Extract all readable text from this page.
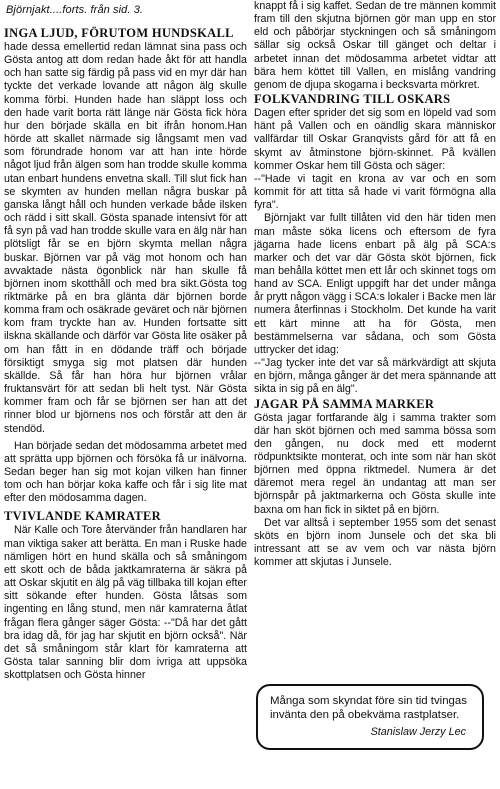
Björnjakt....forts. från sid. 3.
INGA LJUD, FÖRUTOM HUNDSKALL

hade dessa emellertid redan lämnat sina pass och Gösta antog att dom redan hade åkt för att handla och han satte sig färdig på pass vid en myr där han tyckte det verkade lovande att någon älg skulle komma förbi. Hunden hade han släppt loss och den hade varit borta rätt länge när Gösta fick höra hur den började skälla en bit ifrån honom.Han hörde att skallet närmade sig långsamt men vad som förundrade honom var att han inte hörde något ljud från älgen som han trodde skulle komma utan enbart hundens envetna skall. Till slut fick han se skymten av hunden mellan några buskar på ganska långt håll och hunden verkade både ilsken och rädd i sitt skall. Gösta spanade intensivt för att få syn på vad han trodde skulle vara en älg när han plötsligt får se en björn skymta mellan några buskar. Björnen var på väg mot honom och han avvaktade nästa ögonblick när han skulle få björnen inom skotthåll och med bra sikt.Gösta tog riktmärke på en bra glänta där björnen borde komma fram och osäkrade geväret och när björnen kom fram tryckte han av. Hunden fortsatte sitt ilskna skällande och därför var Gösta lite osäker på om han fått in en dödande träff och började försiktigt smyga sig mot platsen där hunden skällde. Så får han höra hur björnen vrålar fruktansvärt för att sedan bli helt tyst. När Gösta kommer fram och får se björnen ser han att det rinner blod ur björnens nos och förstår att den är stendöd.

Han började sedan det mödosamma arbetet med att sprätta upp björnen och försöka få ur inälvorna. Sedan beger han sig mot kojan vilken han finner tom och han börjar koka kaffe och får i sig lite mat efter den mödosamma dagen.

TVIVLANDE KAMRATER

När Kalle och Tore återvänder från handlaren har man viktiga saker att berätta. En man i Ruske hade nämligen hört en hund skälla och så småningom ett skott och de båda jaktkamraterna är säkra på att Oskar skjutit en älg på väg tillbaka till kojan efter sitt sökande efter hunden. Gösta låtsas som ingenting en lång stund, men när kamraterna åtlat frågan flera gånger säger Gösta: --"Då har det gått bra idag då, för jag har skjutit en björn också". När det så småningom står klart för kamraterna att Gösta talar sanning blir dom ivriga att uppsöka skottplatsen och Gösta hinner

knappt få i sig kaffet. Sedan de tre männen kommit fram till den skjutna björnen gör man upp en stor eld och påbörjar styckningen och så småningom sällar sig också Oskar till gänget och deltar i arbetet innan det mödosamma arbetet vidtar att bära hem köttet till Vallen, en mislång vandring genom de djupa skogarna i becksvarta mörkret.

FOLKVANDRING TILL OSKARS

Dagen efter sprider det sig som en löpeld vad som hänt på Vallen och en oändlig skara människor vallfärdar till Oskar Granqvists gård för att få en skymt av åtminstone björn-skinnet. På kvällen kommer Oskar hem till Gösta och säger:

--"Hade vi tagit en krona av var och en som kommit för att titta så hade vi varit förmögna alla fyra".

Björnjakt var fullt tillåten vid den här tiden men man måste söka licens och eftersom de fyra jägarna hade licens enbart på älg på SCA:s marker och det var där Gösta sköt björnen, fick man behålla köttet men ett lår och skinnet togs om hand av SCA. Enligt uppgift har det under många år prytt någon vägg i SCA:s lokaler i Backe men lär numera återfinnas i Stockholm. Det kunde ha varit ett kärt minne att ha för Gösta, men bestämmelserna var sådana, och som Gösta uttrycker det idag:

--"Jag tycker inte det var så märkvärdigt att skjuta en björn, många gånger är det mera spännande att sikta in sig på en älg".

JAGAR PÅ SAMMA MARKER

Gösta jagar fortfarande älg i samma trakter som där han sköt björnen och med samma bössa som den gången, nu dock med ett modernt rödpunktsikte monterat, och inte som när han sköt björnen med öppna riktmedel. Numera är det däremot mera regel än undantag att man ser björnspår på jaktmarkerna och Gösta skulle inte baxna om han fick in siktet på en björn.

Det var alltså i september 1955 som det senast sköts en björn inom Junsele och det ska bli intressant att se av vem och var nästa björn kommer att skjutas i Junsele.

Många som skyndat före sin tid tvingas invänta den på obekväma rastplatser.

Stanislaw Jerzy Lec
